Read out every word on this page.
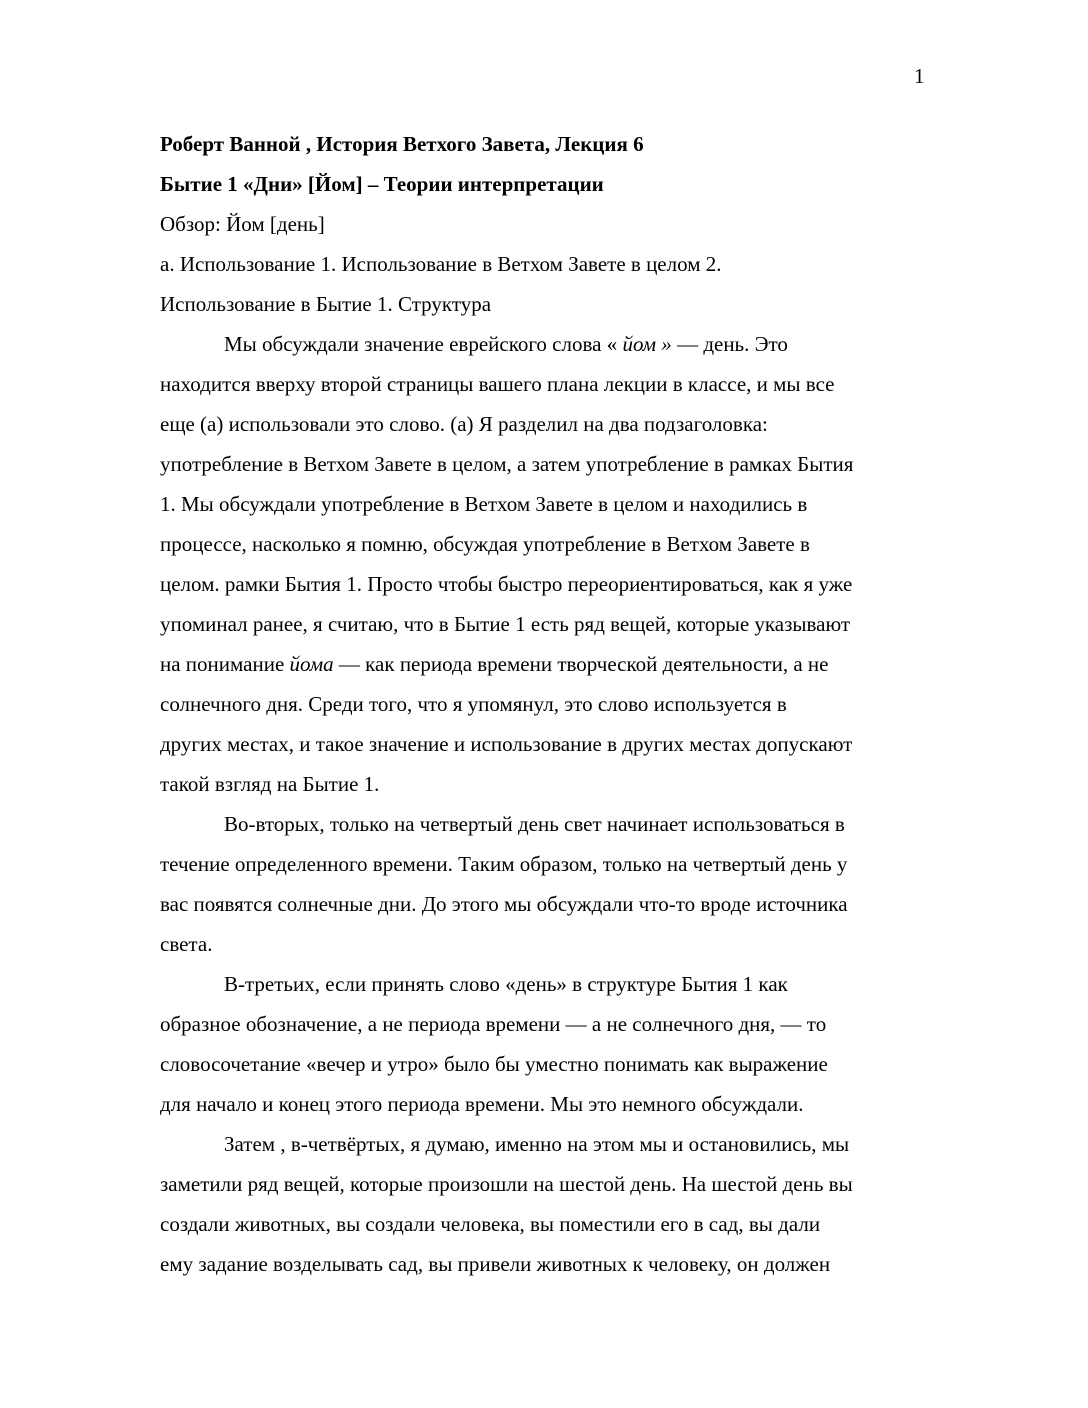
1
Роберт Ванной , История Ветхого Завета, Лекция 6
Бытие 1 «Дни» [Йом] – Теории интерпретации
Обзор: Йом [день]
а. Использование 1. Использование в Ветхом Завете в целом 2.
Использование в Бытие 1. Структура
Мы обсуждали значение еврейского слова « йом » — день. Это
находится вверху второй страницы вашего плана лекции в классе, и мы все
еще (а) использовали это слово. (а) Я разделил на два подзаголовка:
употребление в Ветхом Завете в целом, а затем употребление в рамках Бытия
1. Мы обсуждали употребление в Ветхом Завете в целом и находились в
процессе, насколько я помню, обсуждая употребление в Ветхом Завете в
целом. рамки Бытия 1. Просто чтобы быстро переориентироваться, как я уже
упоминал ранее, я считаю, что в Бытие 1 есть ряд вещей, которые указывают
на понимание йома — как периода времени творческой деятельности, а не
солнечного дня. Среди того, что я упомянул, это слово используется в
других местах, и такое значение и использование в других местах допускают
такой взгляд на Бытие 1.
Во-вторых, только на четвертый день свет начинает использоваться в
течение определенного времени. Таким образом, только на четвертый день у
вас появятся солнечные дни. До этого мы обсуждали что-то вроде источника
света.
В-третьих, если принять слово «день» в структуре Бытия 1 как
образное обозначение, а не периода времени — а не солнечного дня, — то
словосочетание «вечер и утро» было бы уместно понимать как выражение
для начало и конец этого периода времени. Мы это немного обсуждали.
Затем , в-четвёртых, я думаю, именно на этом мы и остановились, мы
заметили ряд вещей, которые произошли на шестой день. На шестой день вы
создали животных, вы создали человека, вы поместили его в сад, вы дали
ему задание возделывать сад, вы привели животных к человеку, он должен
